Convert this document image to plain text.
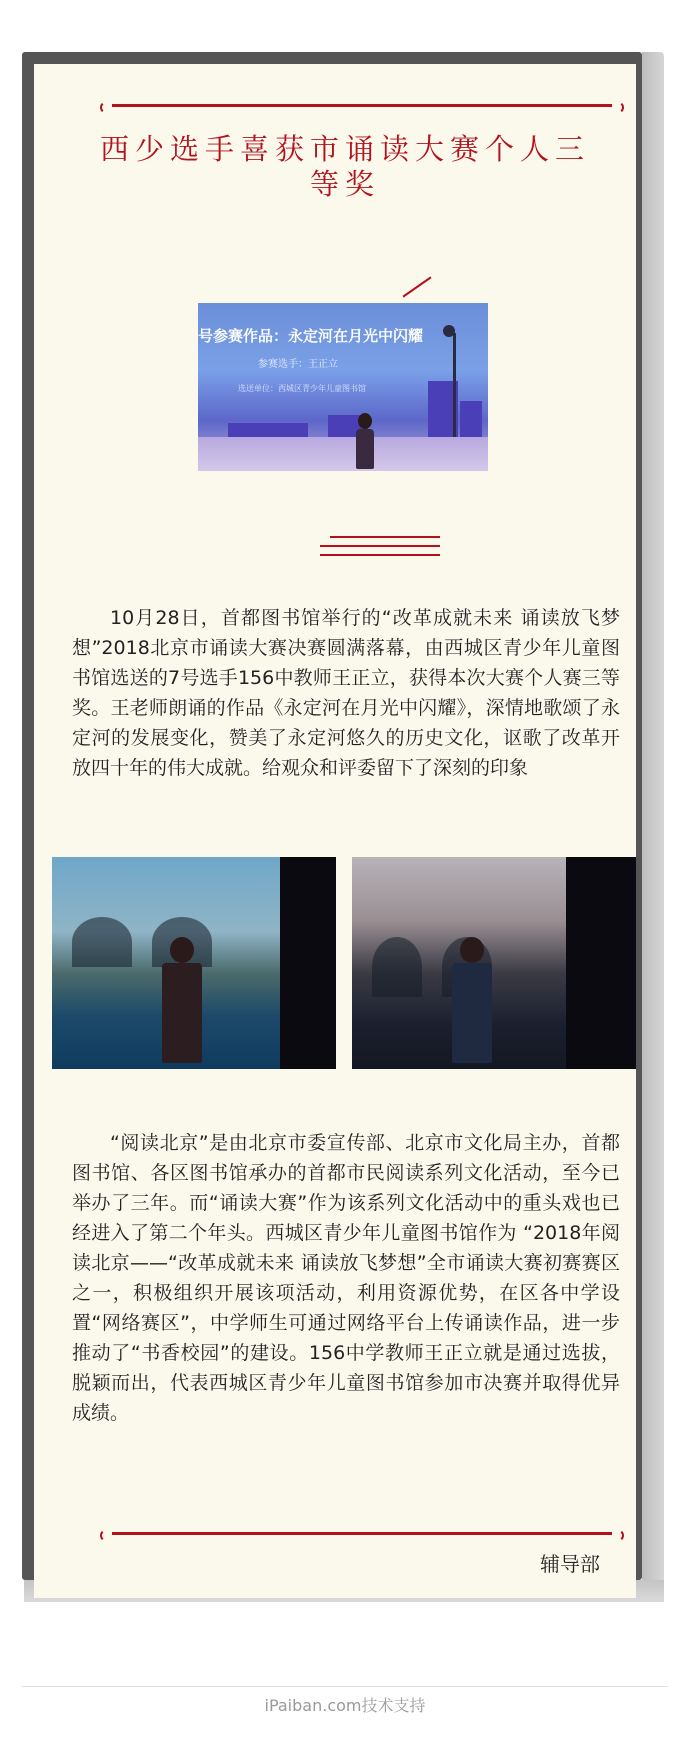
西少选手喜获市诵读大赛个人三等奖
号参赛作品：永定河在月光中闪耀
参赛选手：王正立
选送单位：西城区青少年儿童图书馆
10月28日，首都图书馆举行的“改革成就未来 诵读放飞梦想”2018北京市诵读大赛决赛圆满落幕，由西城区青少年儿童图书馆选送的7号选手156中教师王正立，获得本次大赛个人赛三等奖。王老师朗诵的作品《永定河在月光中闪耀》，深情地歌颂了永定河的发展变化，赞美了永定河悠久的历史文化，讴歌了改革开放四十年的伟大成就。给观众和评委留下了深刻的印象
“阅读北京”是由北京市委宣传部、北京市文化局主办，首都图书馆、各区图书馆承办的首都市民阅读系列文化活动，至今已举办了三年。而“诵读大赛”作为该系列文化活动中的重头戏也已经进入了第二个年头。西城区青少年儿童图书馆作为 “2018年阅读北京——“改革成就未来 诵读放飞梦想”全市诵读大赛初赛赛区之一，积极组织开展该项活动，利用资源优势，在区各中学设置“网络赛区”，中学师生可通过网络平台上传诵读作品，进一步推动了“书香校园”的建设。156中学教师王正立就是通过选拔，脱颖而出，代表西城区青少年儿童图书馆参加市决赛并取得优异成绩。
辅导部
iPaiban.com技术支持
